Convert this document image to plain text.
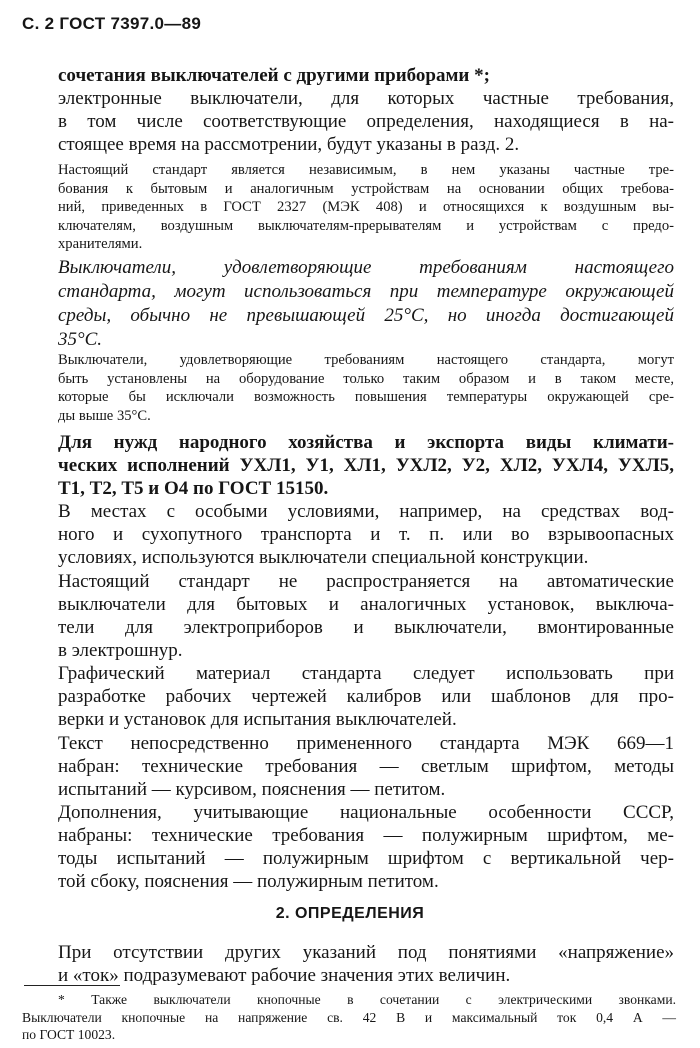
С. 2 ГОСТ 7397.0—89
сочетания выключателей с другими приборами *;
электронные выключатели, для которых частные требования,
в том числе соответствующие определения, находящиеся в на-
стоящее время на рассмотрении, будут указаны в разд. 2.
Настоящий стандарт является независимым, в нем указаны частные тре-
бования к бытовым и аналогичным устройствам на основании общих требова-
ний, приведенных в ГОСТ 2327 (МЭК 408) и относящихся к воздушным вы-
ключателям, воздушным выключателям-прерывателям и устройствам с предо-
хранителями.
Выключатели, удовлетворяющие требованиям настоящего
стандарта, могут использоваться при температуре окружающей
среды, обычно не превышающей 25°С, но иногда достигающей
35°С.
Выключатели, удовлетворяющие требованиям настоящего стандарта, могут
быть установлены на оборудование только таким образом и в таком месте,
которые бы исключали возможность повышения температуры окружающей сре-
ды выше 35°С.
Для нужд народного хозяйства и экспорта виды климати-
ческих исполнений УХЛ1, У1, ХЛ1, УХЛ2, У2, ХЛ2, УХЛ4, УХЛ5,
Т1, Т2, Т5 и О4 по ГОСТ 15150.
В местах с особыми условиями, например, на средствах вод-
ного и сухопутного транспорта и т. п. или во взрывоопасных
условиях, используются выключатели специальной конструкции.
Настоящий стандарт не распространяется на автоматические
выключатели для бытовых и аналогичных установок, выключа-
тели для электроприборов и выключатели, вмонтированные
в электрошнур.
Графический материал стандарта следует использовать при
разработке рабочих чертежей калибров или шаблонов для про-
верки и установок для испытания выключателей.
Текст непосредственно примененного стандарта МЭК 669—1
набран: технические требования — светлым шрифтом, методы
испытаний — курсивом, пояснения — петитом.
Дополнения, учитывающие национальные особенности СССР,
набраны: технические требования — полужирным шрифтом, ме-
тоды испытаний — полужирным шрифтом с вертикальной чер-
той сбоку, пояснения — полужирным петитом.
2. ОПРЕДЕЛЕНИЯ
При отсутствии других указаний под понятиями «напряжение»
и «ток» подразумевают рабочие значения этих величин.
* Также выключатели кнопочные в сочетании с электрическими звонками.
Выключатели кнопочные на напряжение св. 42 В и максимальный ток 0,4 А —
по ГОСТ 10023.
